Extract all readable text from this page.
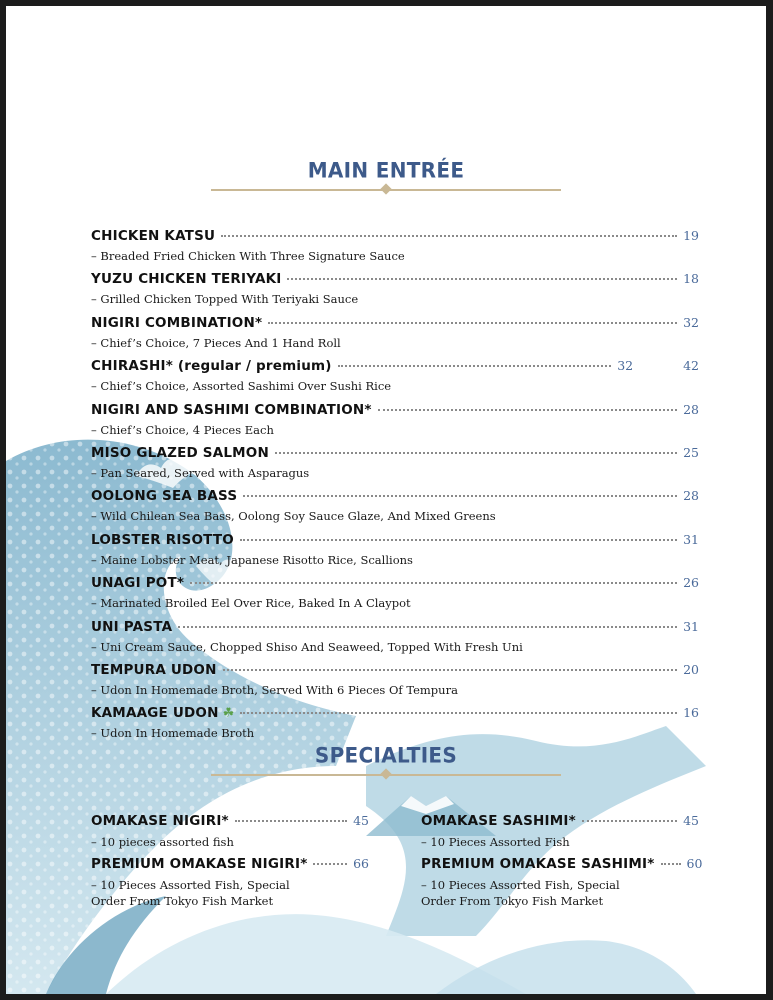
MAIN ENTRÉE
CHICKEN KATSU	19
– Breaded Fried Chicken With Three Signature Sauce
YUZU CHICKEN TERIYAKI	18
– Grilled Chicken Topped With Teriyaki Sauce
NIGIRI COMBINATION*	32
– Chief’s Choice, 7 Pieces And 1 Hand Roll
CHIRASHI* (regular / premium)	32	42
– Chief’s Choice, Assorted Sashimi Over Sushi Rice
NIGIRI AND SASHIMI COMBINATION*	28
– Chief’s Choice, 4 Pieces Each
MISO GLAZED SALMON	25
– Pan Seared, Served with Asparagus
OOLONG SEA BASS	28
– Wild Chilean Sea Bass, Oolong Soy Sauce Glaze, And Mixed Greens
LOBSTER RISOTTO	31
– Maine Lobster Meat, Japanese Risotto Rice, Scallions
UNAGI POT*	26
– Marinated Broiled Eel Over Rice, Baked In A Claypot
UNI PASTA	31
– Uni Cream Sauce, Chopped Shiso And Seaweed, Topped With Fresh Uni
TEMPURA UDON	20
– Udon In Homemade Broth, Served With 6 Pieces Of Tempura
KAMAAGE UDON ☘	16
– Udon In Homemade Broth
SPECIALTIES
OMAKASE NIGIRI*	45
– 10 pieces assorted fish
OMAKASE SASHIMI*	45
– 10 Pieces Assorted Fish
PREMIUM OMAKASE NIGIRI*	66
– 10 Pieces Assorted Fish, Special Order From Tokyo Fish Market
PREMIUM OMAKASE SASHIMI*	60
– 10 Pieces Assorted Fish, Special Order From Tokyo Fish Market
